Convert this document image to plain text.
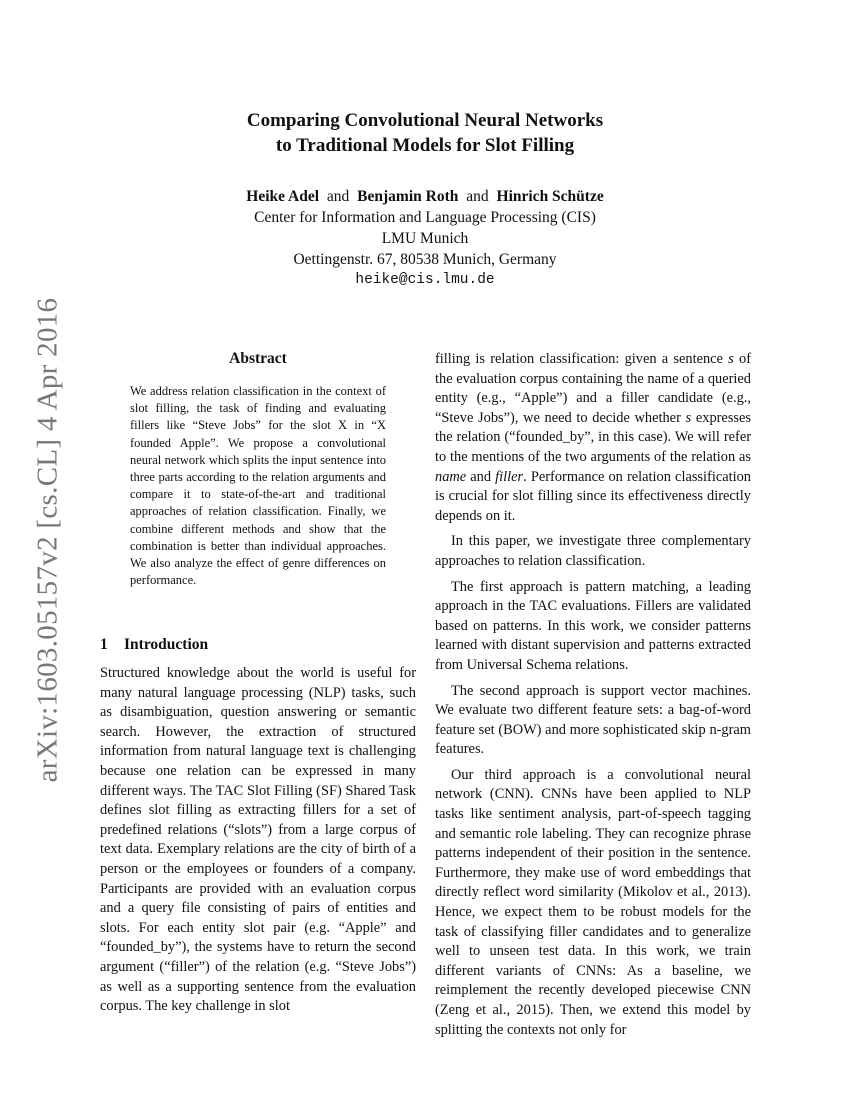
arXiv:1603.05157v2 [cs.CL] 4 Apr 2016
Comparing Convolutional Neural Networks
to Traditional Models for Slot Filling
Heike Adel and Benjamin Roth and Hinrich Schütze
Center for Information and Language Processing (CIS)
LMU Munich
Oettingenstr. 67, 80538 Munich, Germany
heike@cis.lmu.de
Abstract
We address relation classification in the context of slot filling, the task of finding and evaluating fillers like “Steve Jobs” for the slot X in “X founded Apple”. We propose a convolutional neural network which splits the input sentence into three parts according to the relation arguments and compare it to state-of-the-art and traditional approaches of relation classification. Finally, we combine different methods and show that the combination is better than individual approaches. We also analyze the effect of genre differences on performance.
1 Introduction

Structured knowledge about the world is useful for many natural language processing (NLP) tasks, such as disambiguation, question answering or semantic search. However, the extraction of structured information from natural language text is challenging because one relation can be expressed in many different ways. The TAC Slot Filling (SF) Shared Task defines slot filling as extracting fillers for a set of predefined relations (“slots”) from a large corpus of text data. Exemplary relations are the city of birth of a person or the employees or founders of a company. Participants are provided with an evaluation corpus and a query file consisting of pairs of entities and slots. For each entity slot pair (e.g. “Apple” and “founded_by”), the systems have to return the second argument (“filler”) of the relation (e.g. “Steve Jobs”) as well as a supporting sentence from the evaluation corpus. The key challenge in slot

filling is relation classification: given a sentence s of the evaluation corpus containing the name of a queried entity (e.g., “Apple”) and a filler candidate (e.g., “Steve Jobs”), we need to decide whether s expresses the relation (“founded_by”, in this case). We will refer to the mentions of the two arguments of the relation as name and filler. Performance on relation classification is crucial for slot filling since its effectiveness directly depends on it.

In this paper, we investigate three complementary approaches to relation classification.

The first approach is pattern matching, a leading approach in the TAC evaluations. Fillers are validated based on patterns. In this work, we consider patterns learned with distant supervision and patterns extracted from Universal Schema relations.

The second approach is support vector machines. We evaluate two different feature sets: a bag-of-word feature set (BOW) and more sophisticated skip n-gram features.

Our third approach is a convolutional neural network (CNN). CNNs have been applied to NLP tasks like sentiment analysis, part-of-speech tagging and semantic role labeling. They can recognize phrase patterns independent of their position in the sentence. Furthermore, they make use of word embeddings that directly reflect word similarity (Mikolov et al., 2013). Hence, we expect them to be robust models for the task of classifying filler candidates and to generalize well to unseen test data. In this work, we train different variants of CNNs: As a baseline, we reimplement the recently developed piecewise CNN (Zeng et al., 2015). Then, we extend this model by splitting the contexts not only for
